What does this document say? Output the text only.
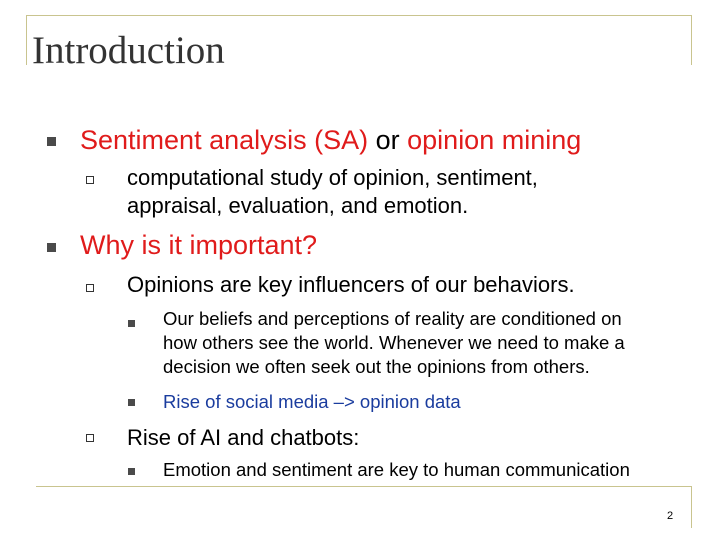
Introduction
Sentiment analysis (SA) or opinion mining
computational study of opinion, sentiment,
appraisal, evaluation, and emotion.
Why is it important?
Opinions are key influencers of our behaviors.
Our beliefs and perceptions of reality are conditioned on
how others see the world. Whenever we need to make a
decision we often seek out the opinions from others.
Rise of social media –> opinion data
Rise of AI and chatbots:
Emotion and sentiment are key to human communication
2
